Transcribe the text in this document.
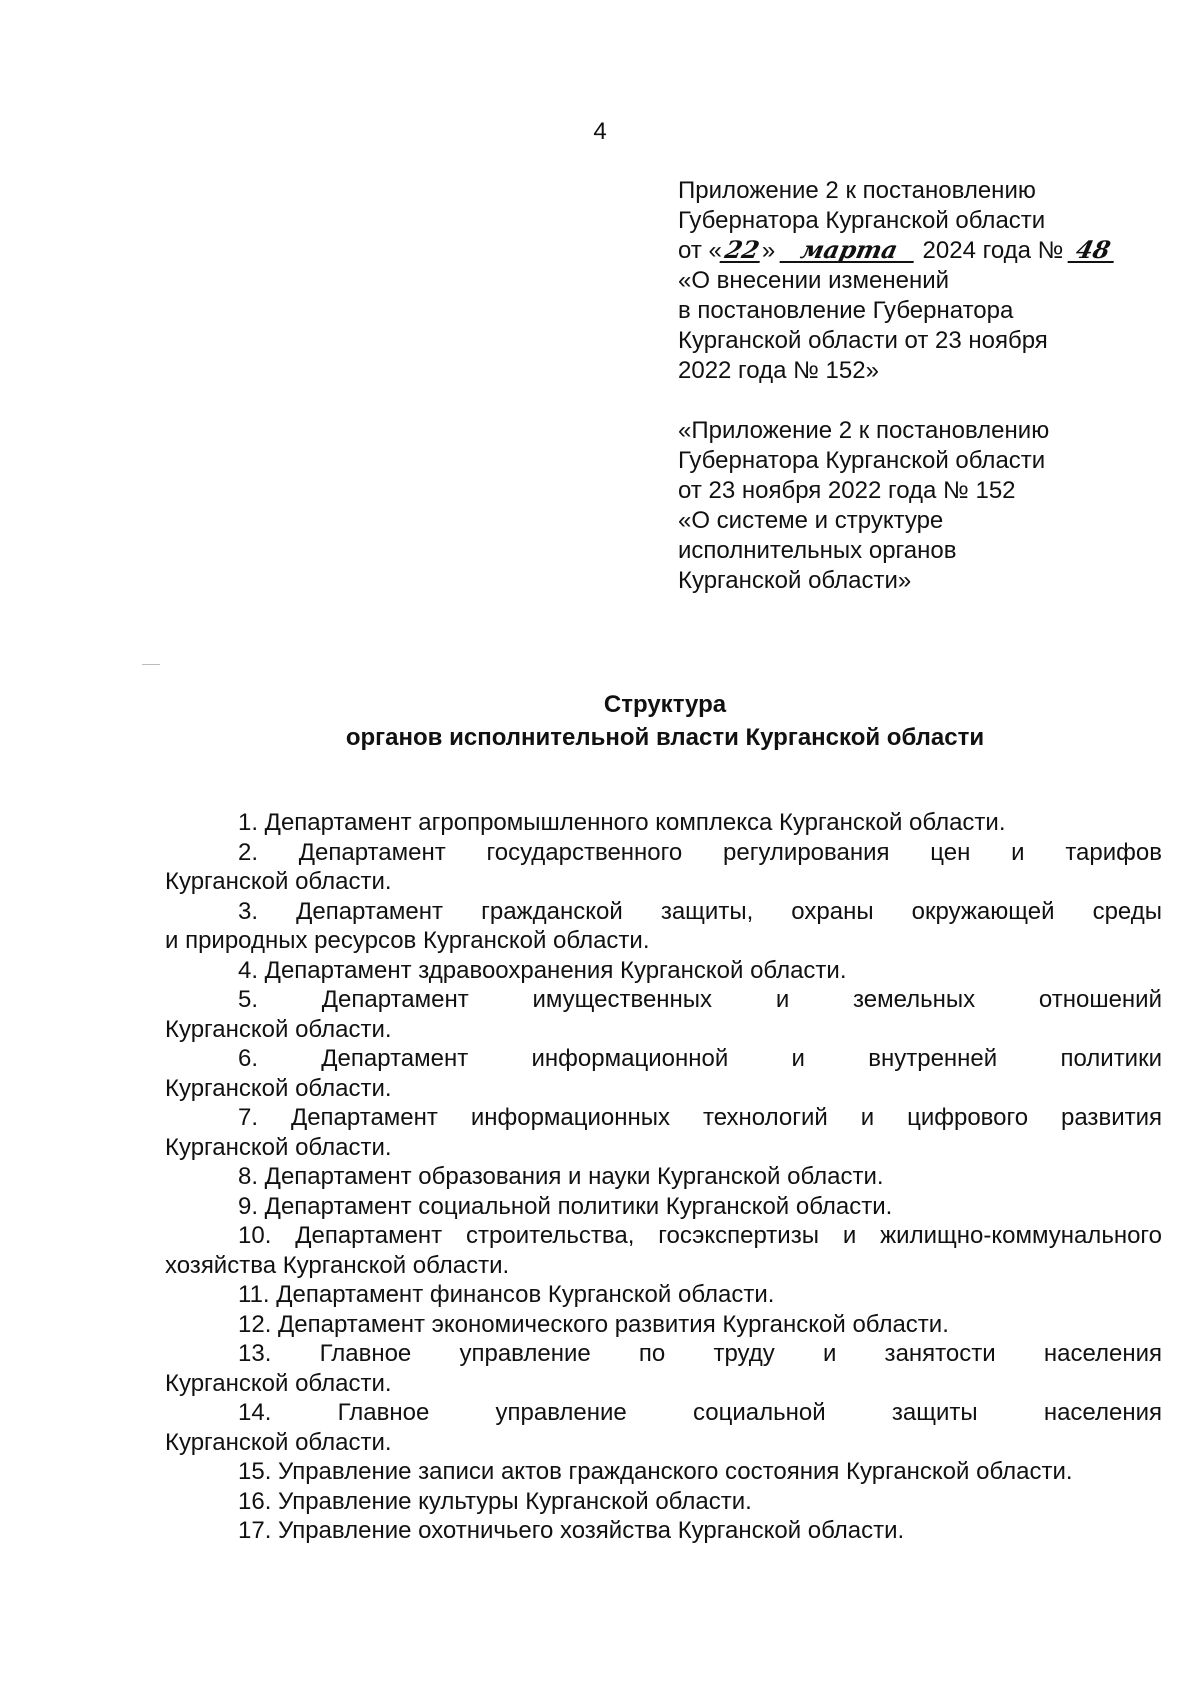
4
Приложение 2 к постановлению
Губернатора Курганской области
от «22» марта 2024 года № 48
«О внесении изменений
в постановление Губернатора
Курганской области от 23 ноября
2022 года № 152»
«Приложение 2 к постановлению
Губернатора Курганской области
от 23 ноября 2022 года № 152
«О системе и структуре
исполнительных органов
Курганской области»
Структура
органов исполнительной власти Курганской области
1. Департамент агропромышленного комплекса Курганской области.
2. Департамент государственного регулирования цен и тарифов
Курганской области.
3. Департамент гражданской защиты, охраны окружающей среды
и природных ресурсов Курганской области.
4. Департамент здравоохранения Курганской области.
5. Департамент имущественных и земельных отношений
Курганской области.
6. Департамент информационной и внутренней политики
Курганской области.
7. Департамент информационных технологий и цифрового развития
Курганской области.
8. Департамент образования и науки Курганской области.
9. Департамент социальной политики Курганской области.
10. Департамент строительства, госэкспертизы и жилищно-коммунального
хозяйства Курганской области.
11. Департамент финансов Курганской области.
12. Департамент экономического развития Курганской области.
13. Главное управление по труду и занятости населения
Курганской области.
14. Главное управление социальной защиты населения
Курганской области.
15. Управление записи актов гражданского состояния Курганской области.
16. Управление культуры Курганской области.
17. Управление охотничьего хозяйства Курганской области.
